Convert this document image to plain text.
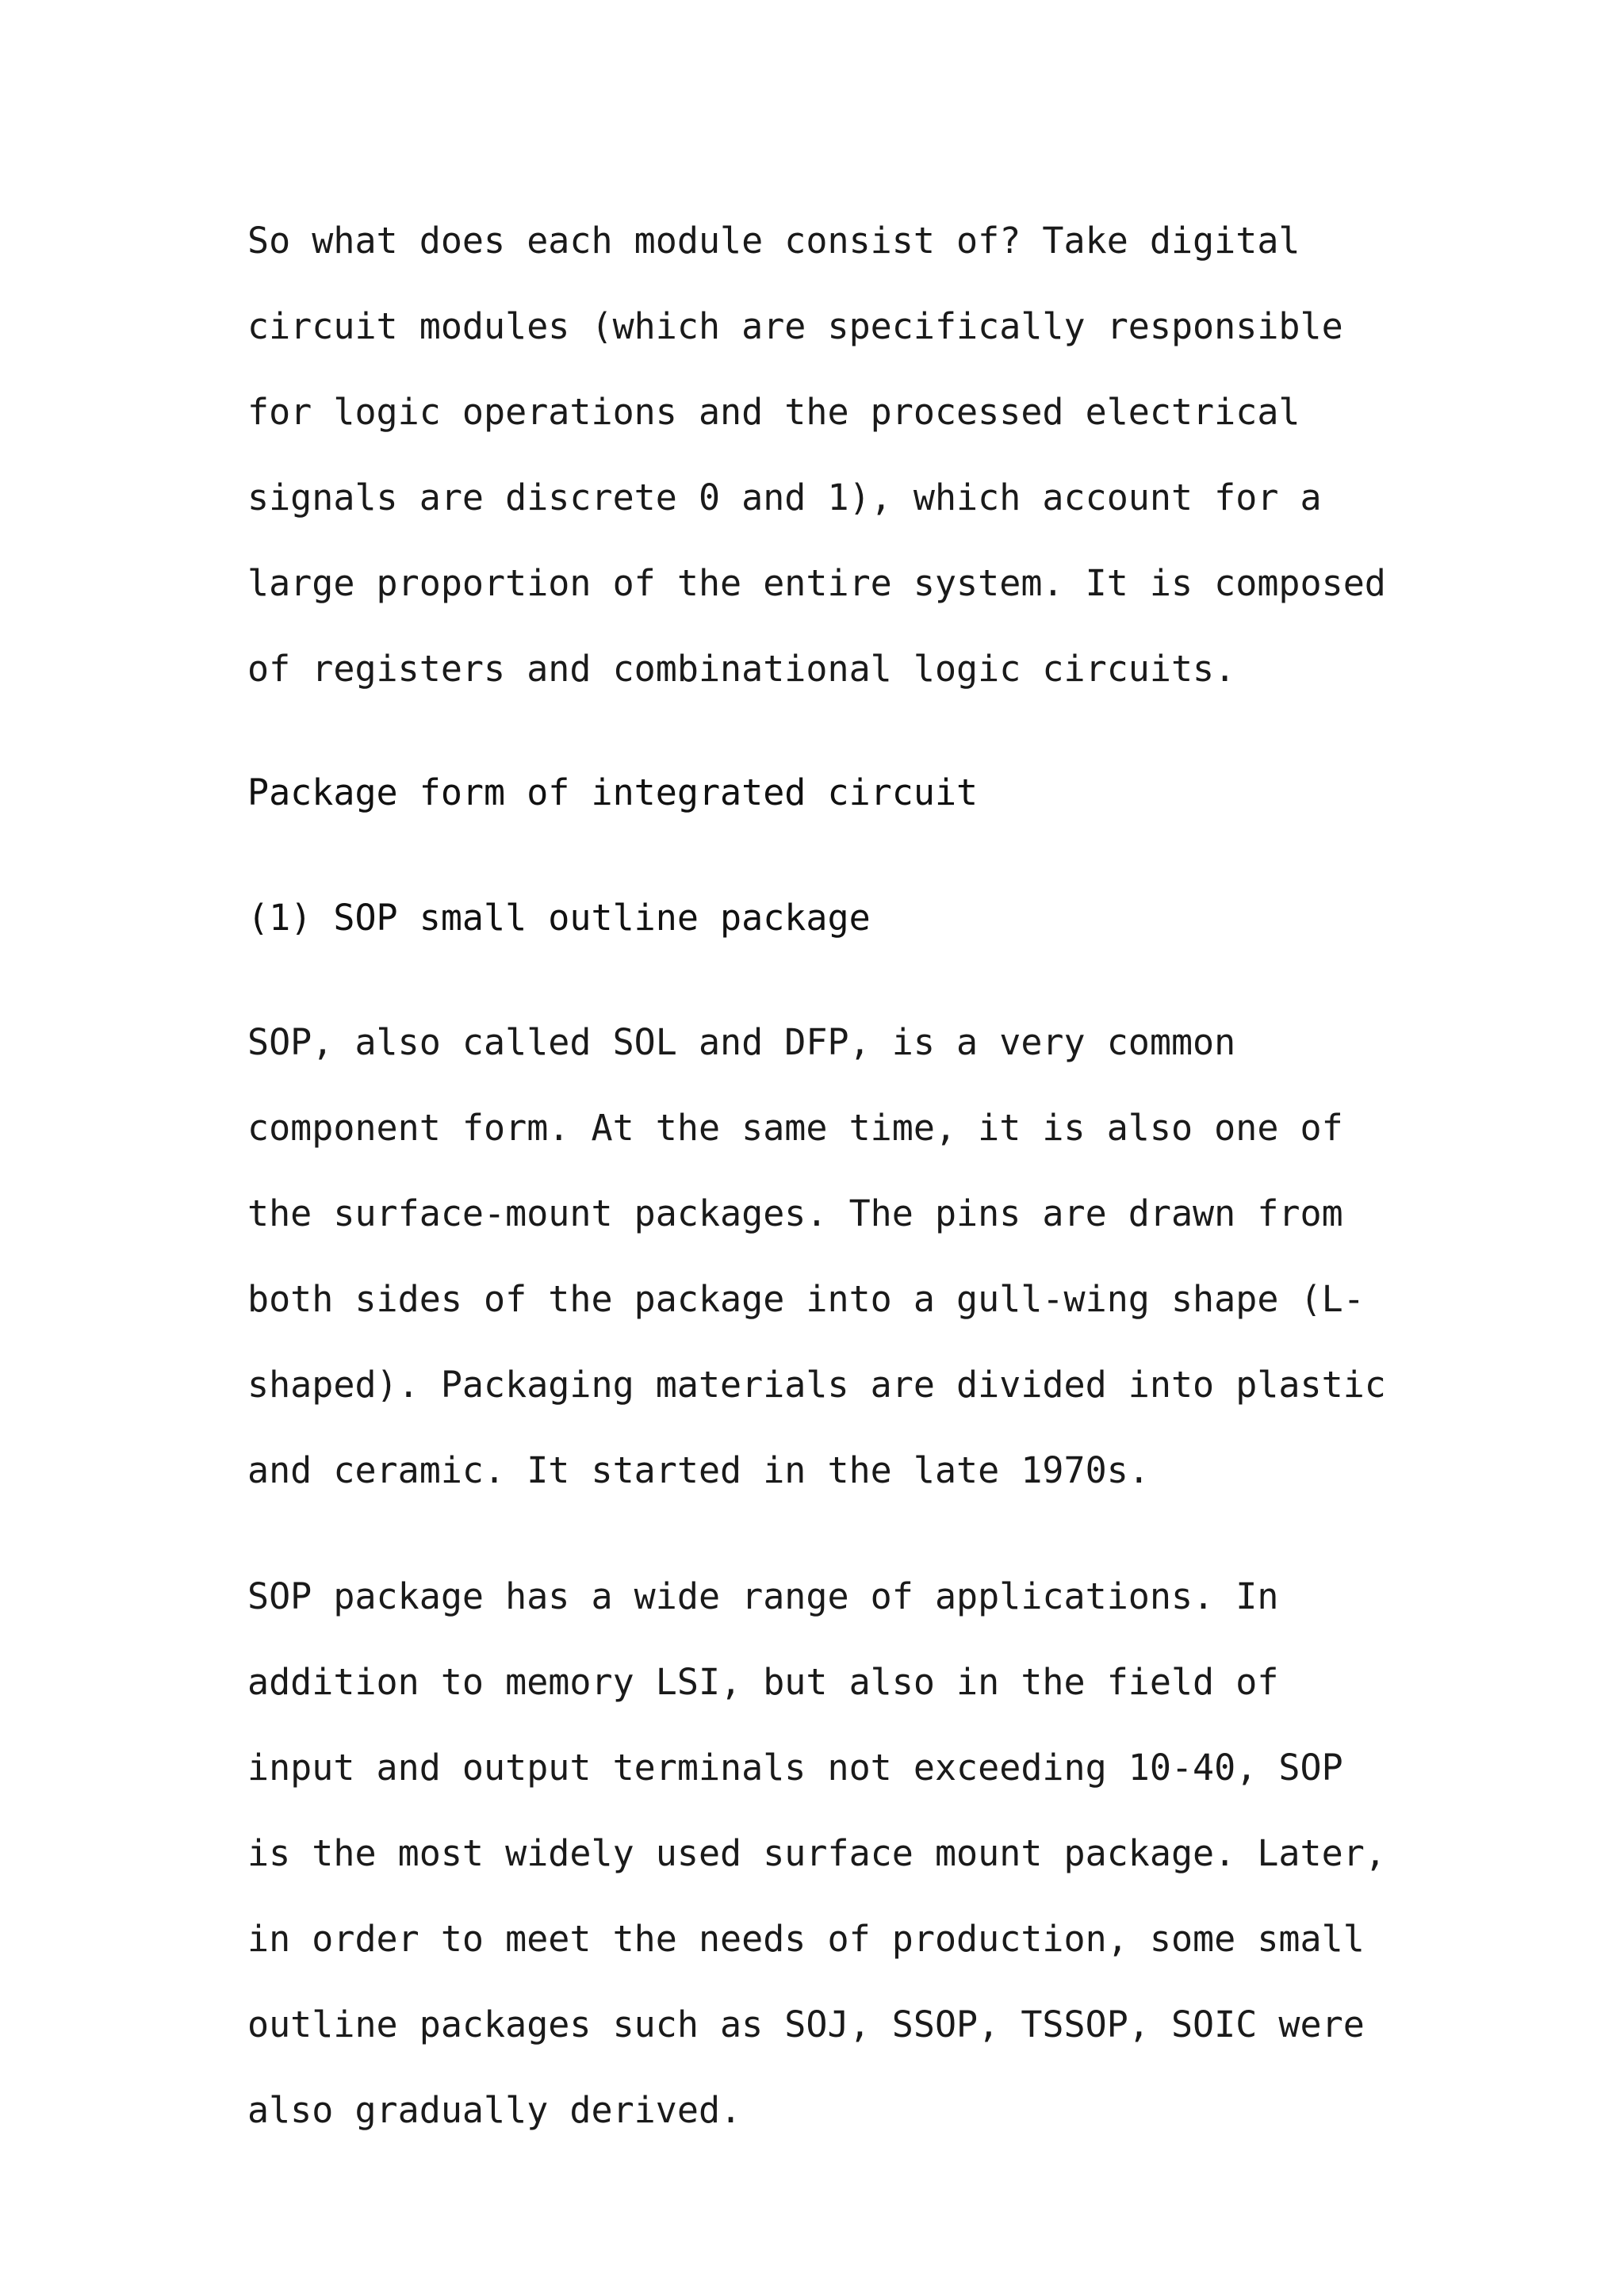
So what does each module consist of? Take digital circuit modules (which are specifically responsible for logic operations and the processed electrical signals are discrete 0 and 1), which account for a large proportion of the entire system. It is composed of registers and combinational logic circuits.

Package form of integrated circuit

(1) SOP small outline package

SOP, also called SOL and DFP, is a very common component form. At the same time, it is also one of the surface-mount packages. The pins are drawn from both sides of the package into a gull-wing shape (L-shaped). Packaging materials are divided into plastic and ceramic. It started in the late 1970s.

SOP package has a wide range of applications. In addition to memory LSI, but also in the field of input and output terminals not exceeding 10-40, SOP is the most widely used surface mount package. Later, in order to meet the needs of production, some small outline packages such as SOJ, SSOP, TSSOP, SOIC were also gradually derived.
